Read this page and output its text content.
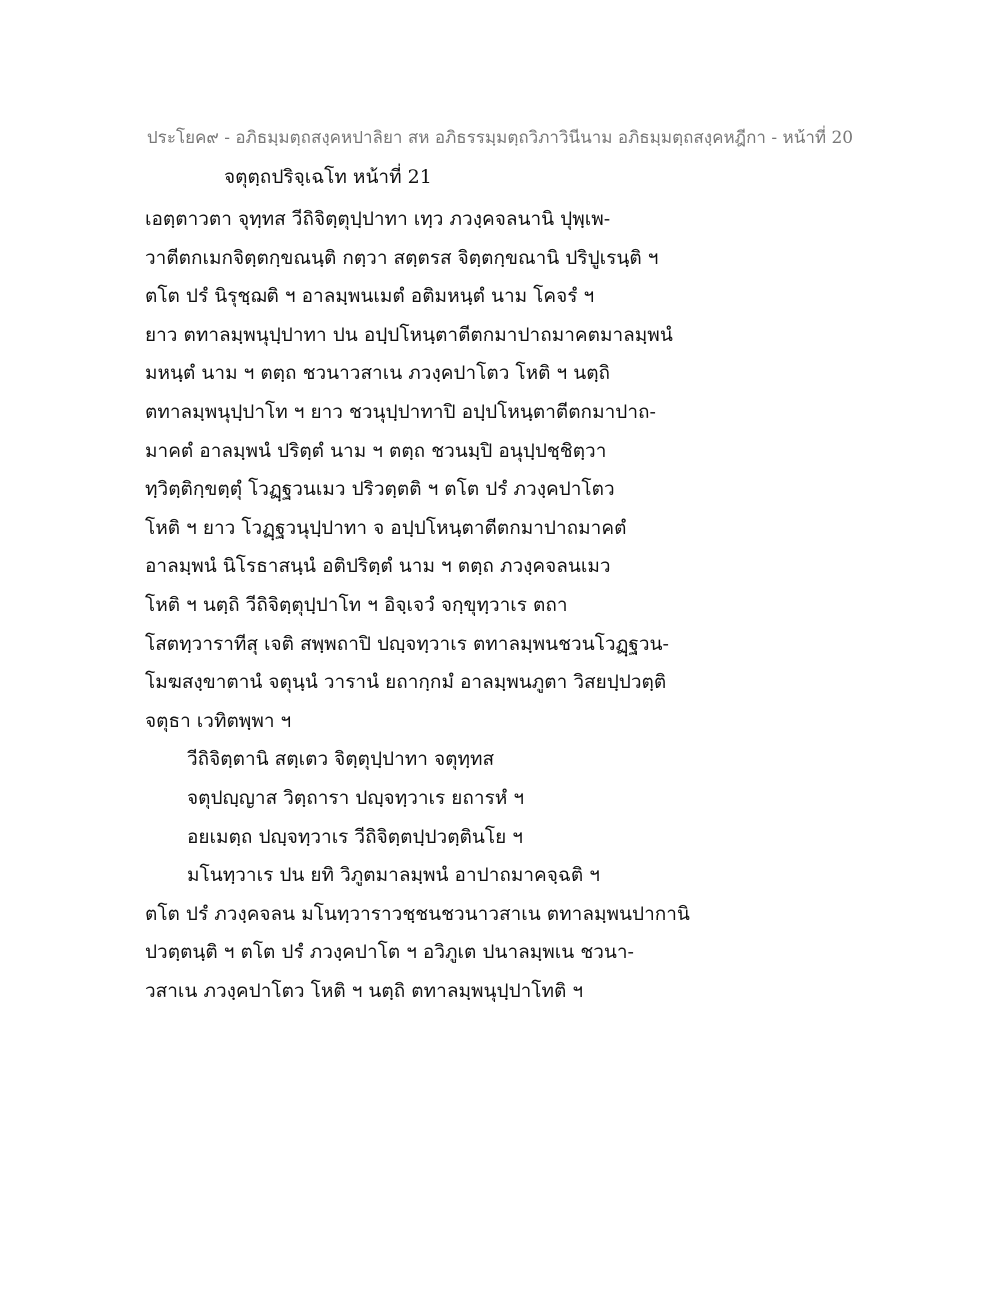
ประโยค๙ - อภิธมฺมตฺถสงฺคหปาลิยา สห อภิธรรมฺมตฺถวิภาวินีนาม อภิธมฺมตฺถสงฺคหฎีกา - หน้าที่ 20
จตุตฺถปริจฺเฉโท หน้าที่ 21
เอตฺตาวตา จุทฺทส วีถิจิตฺตุปฺปาทา เทฺว ภวงฺคจลนานิ ปุพฺเพ-
วาตีตกเมกจิตฺตกฺขณนฺติ กตฺวา สตฺตรส จิตฺตกฺขณานิ ปริปูเรนฺติ ฯ
ตโต ปรํ นิรุชฺฌติ ฯ อาลมฺพนเมตํ อติมหนฺตํ นาม โคจรํ ฯ
ยาว ตทาลมฺพนุปฺปาทา ปน อปฺปโหนฺตาตีตกมาปาถมาคตมาลมฺพนํ
มหนฺตํ นาม ฯ ตตฺถ ชวนาวสาเน ภวงฺคปาโตว โหติ ฯ นตฺถิ
ตทาลมฺพนุปฺปาโท ฯ ยาว ชวนุปฺปาทาปิ อปฺปโหนฺตาตีตกมาปาถ-
มาคตํ อาลมฺพนํ ปริตฺตํ นาม ฯ ตตฺถ ชวนมฺปิ อนุปฺปชฺชิตฺวา
ทฺวิตฺติกฺขตฺตุํ โวฏฺฐวนเมว ปริวตฺตติ ฯ ตโต ปรํ ภวงฺคปาโตว
โหติ ฯ ยาว โวฏฺฐวนุปฺปาทา จ อปฺปโหนฺตาตีตกมาปาถมาคตํ
อาลมฺพนํ นิโรธาสนฺนํ อติปริตฺตํ นาม ฯ ตตฺถ ภวงฺคจลนเมว
โหติ ฯ นตฺถิ วีถิจิตฺตุปฺปาโท ฯ อิจฺเจวํ จกฺขุทฺวาเร ตถา
โสตทฺวาราทีสุ เจติ สพฺพถาปิ ปญฺจทฺวาเร ตทาลมฺพนชวนโวฏฺฐวน-
โมฆสงฺขาตานํ จตุนฺนํ วารานํ ยถากฺกมํ อาลมฺพนภูตา วิสยปฺปวตฺติ
จตุธา เวทิตพฺพา ฯ
วีถิจิตฺตานิ สตฺเตว จิตฺตุปฺปาทา จตุทฺทส
จตุปญฺญาส วิตฺถารา ปญฺจทฺวาเร ยถารหํ ฯ
อยเมตฺถ ปญฺจทฺวาเร วีถิจิตฺตปฺปวตฺตินโย ฯ
มโนทฺวาเร ปน ยทิ วิภูตมาลมฺพนํ อาปาถมาคจฺฉติ ฯ
ตโต ปรํ ภวงฺคจลน มโนทฺวาราวชฺชนชวนาวสาเน ตทาลมฺพนปากานิ
ปวตฺตนฺติ ฯ ตโต ปรํ ภวงฺคปาโต ฯ อวิภูเต ปนาลมฺพเน ชวนา-
วสาเน ภวงฺคปาโตว โหติ ฯ นตฺถิ ตทาลมฺพนุปฺปาโทติ ฯ
